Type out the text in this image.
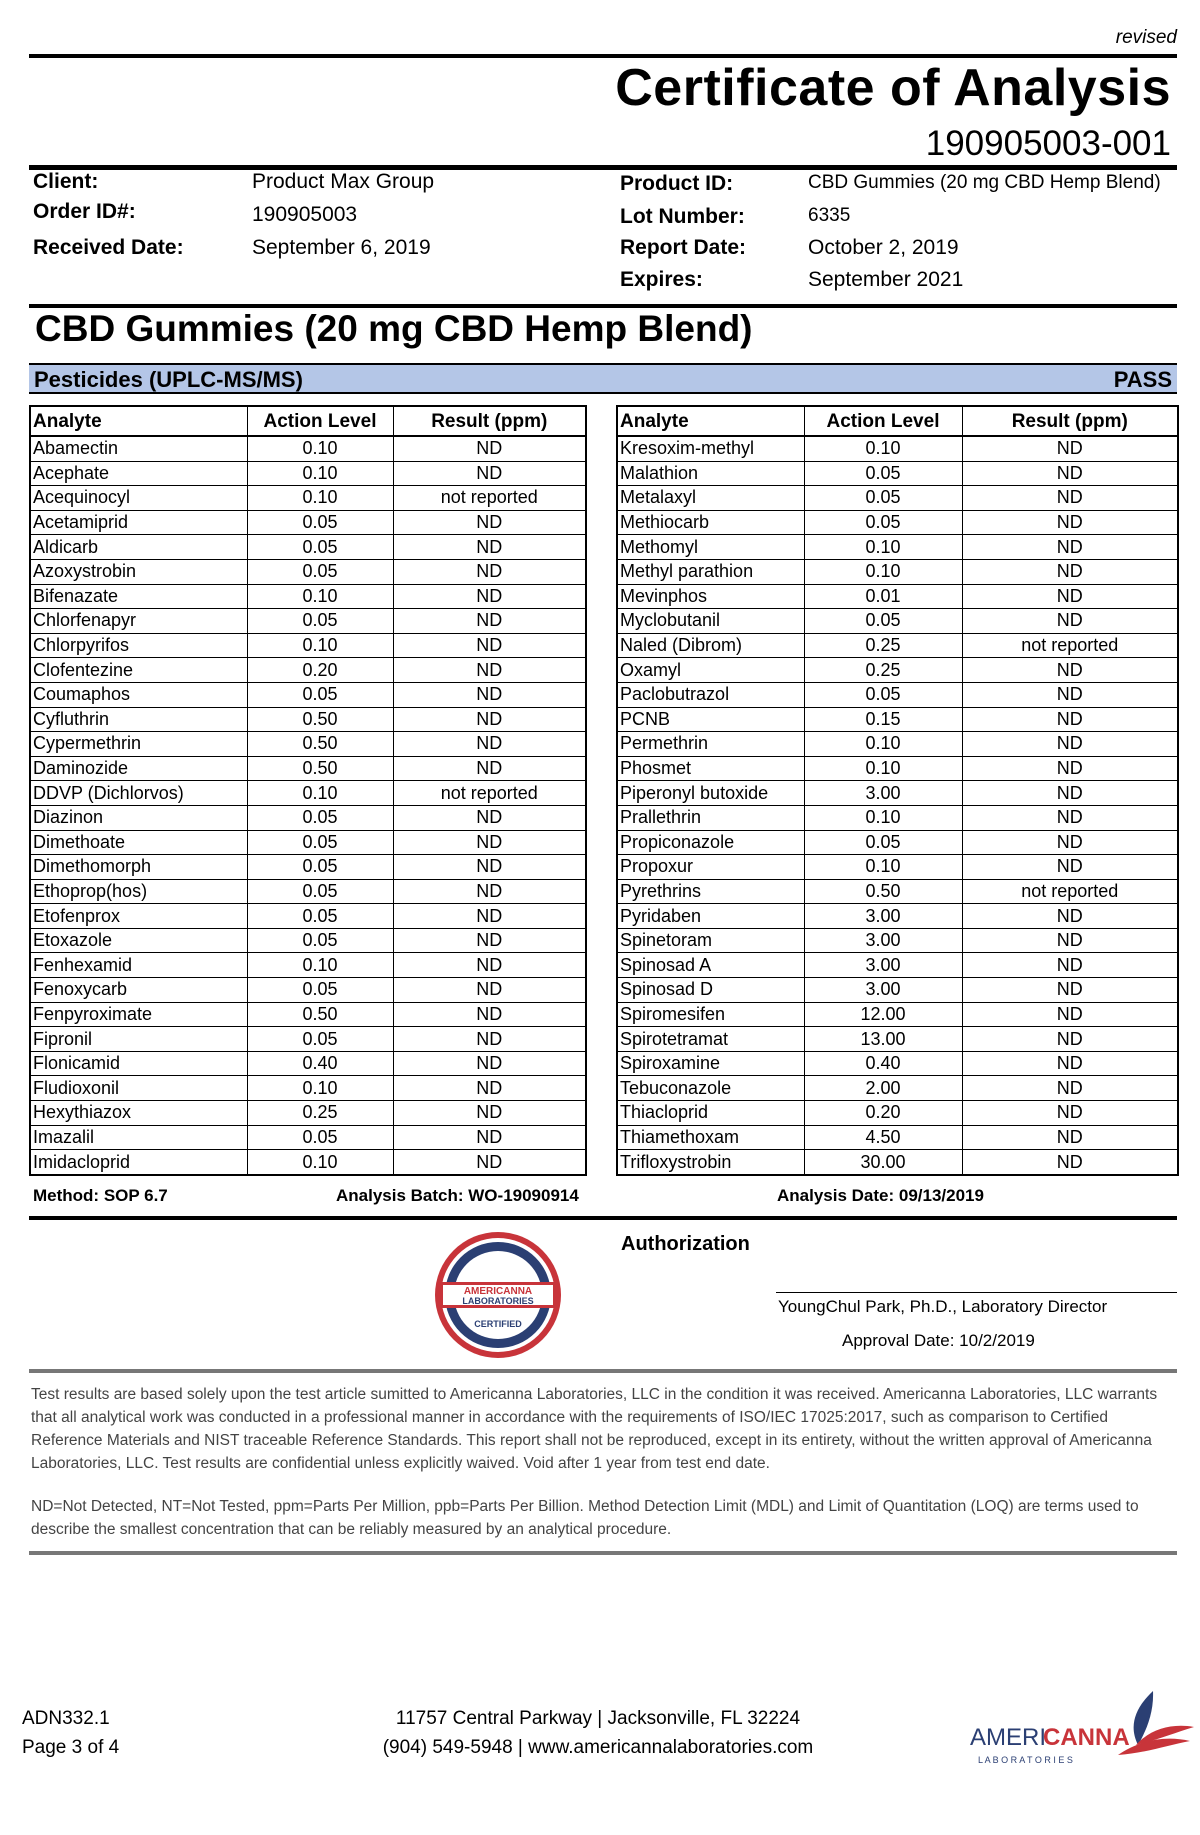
revised
Certificate of Analysis
190905003-001
Client:	Product Max Group
Order ID#:	190905003
Received Date:	September 6, 2019
Product ID:	CBD Gummies (20 mg CBD Hemp Blend)
Lot Number:	6335
Report Date:	October 2, 2019
Expires:	September 2021
CBD Gummies (20 mg CBD Hemp Blend)
Pesticides (UPLC-MS/MS)	PASS
Analyte	Action Level	Result (ppm)
Abamectin	0.10	ND
Acephate	0.10	ND
Acequinocyl	0.10	not reported
Acetamiprid	0.05	ND
Aldicarb	0.05	ND
Azoxystrobin	0.05	ND
Bifenazate	0.10	ND
Chlorfenapyr	0.05	ND
Chlorpyrifos	0.10	ND
Clofentezine	0.20	ND
Coumaphos	0.05	ND
Cyfluthrin	0.50	ND
Cypermethrin	0.50	ND
Daminozide	0.50	ND
DDVP (Dichlorvos)	0.10	not reported
Diazinon	0.05	ND
Dimethoate	0.05	ND
Dimethomorph	0.05	ND
Ethoprop(hos)	0.05	ND
Etofenprox	0.05	ND
Etoxazole	0.05	ND
Fenhexamid	0.10	ND
Fenoxycarb	0.05	ND
Fenpyroximate	0.50	ND
Fipronil	0.05	ND
Flonicamid	0.40	ND
Fludioxonil	0.10	ND
Hexythiazox	0.25	ND
Imazalil	0.05	ND
Imidacloprid	0.10	ND
Analyte	Action Level	Result (ppm)
Kresoxim-methyl	0.10	ND
Malathion	0.05	ND
Metalaxyl	0.05	ND
Methiocarb	0.05	ND
Methomyl	0.10	ND
Methyl parathion	0.10	ND
Mevinphos	0.01	ND
Myclobutanil	0.05	ND
Naled (Dibrom)	0.25	not reported
Oxamyl	0.25	ND
Paclobutrazol	0.05	ND
PCNB	0.15	ND
Permethrin	0.10	ND
Phosmet	0.10	ND
Piperonyl butoxide	3.00	ND
Prallethrin	0.10	ND
Propiconazole	0.05	ND
Propoxur	0.10	ND
Pyrethrins	0.50	not reported
Pyridaben	3.00	ND
Spinetoram	3.00	ND
Spinosad A	3.00	ND
Spinosad D	3.00	ND
Spiromesifen	12.00	ND
Spirotetramat	13.00	ND
Spiroxamine	0.40	ND
Tebuconazole	2.00	ND
Thiacloprid	0.20	ND
Thiamethoxam	4.50	ND
Trifloxystrobin	30.00	ND
Method: SOP 6.7	Analysis Batch: WO-19090914	Analysis Date: 09/13/2019
AMERICANNA
LABORATORIES
CERTIFIED
Authorization
YoungChul Park, Ph.D., Laboratory Director
Approval Date: 10/2/2019
Test results are based solely upon the test article sumitted to Americanna Laboratories, LLC in the condition it was received. Americanna Laboratories, LLC warrants that all analytical work was conducted in a professional manner in accordance with the requirements of ISO/IEC 17025:2017, such as comparison to Certified Reference Materials and NIST traceable Reference Standards. This report shall not be reproduced, except in its entirety, without the written approval of Americanna Laboratories, LLC. Test results are confidential unless explicitly waived. Void after 1 year from test end date.
ND=Not Detected, NT=Not Tested, ppm=Parts Per Million, ppb=Parts Per Billion. Method Detection Limit (MDL) and Limit of Quantitation (LOQ) are terms used to describe the smallest concentration that can be reliably measured by an analytical procedure.
ADN332.1
Page 3 of 4
11757 Central Parkway | Jacksonville, FL 32224
(904) 549-5948 | www.americannalaboratories.com	AMERI
CANNA
L A B O R A T O R I E S
